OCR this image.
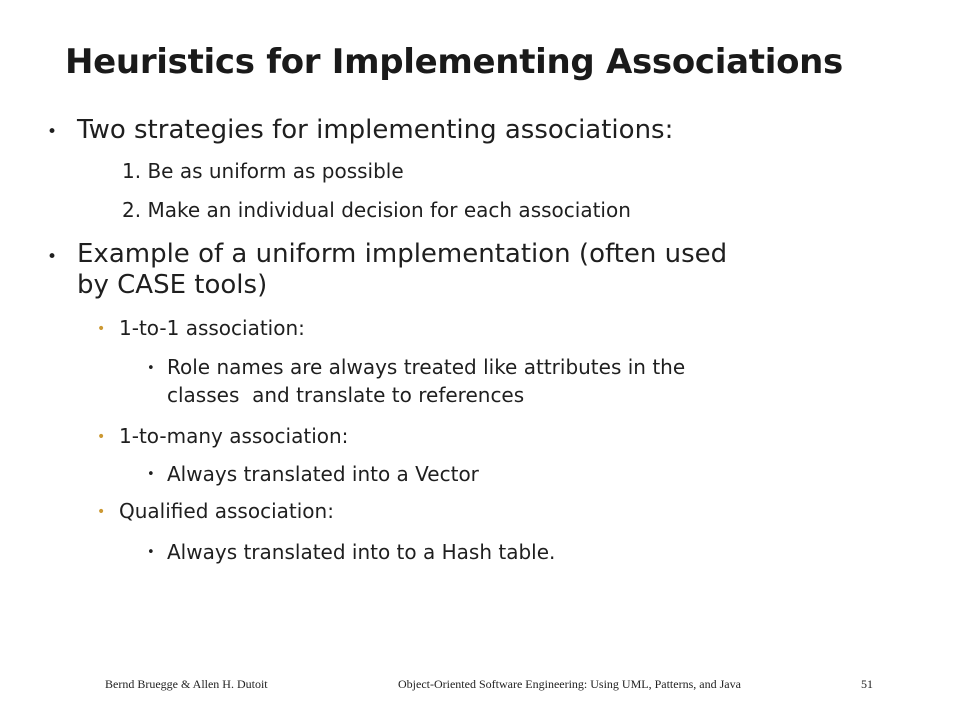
Heuristics for Implementing Associations
• Two strategies for implementing associations:

1. Be as uniform as possible

2. Make an individual decision for each association

• Example of a uniform implementation (often used

by CASE tools)

• 1-to-1 association:

• Role names are always treated like attributes in the

classes  and translate to references

• 1-to-many association:

• Always translated into a Vector

• Qualified association:

• Always translated into to a Hash table.

Bernd Bruegge & Allen H. Dutoit	Object-Oriented Software Engineering: Using UML, Patterns, and Java	51
